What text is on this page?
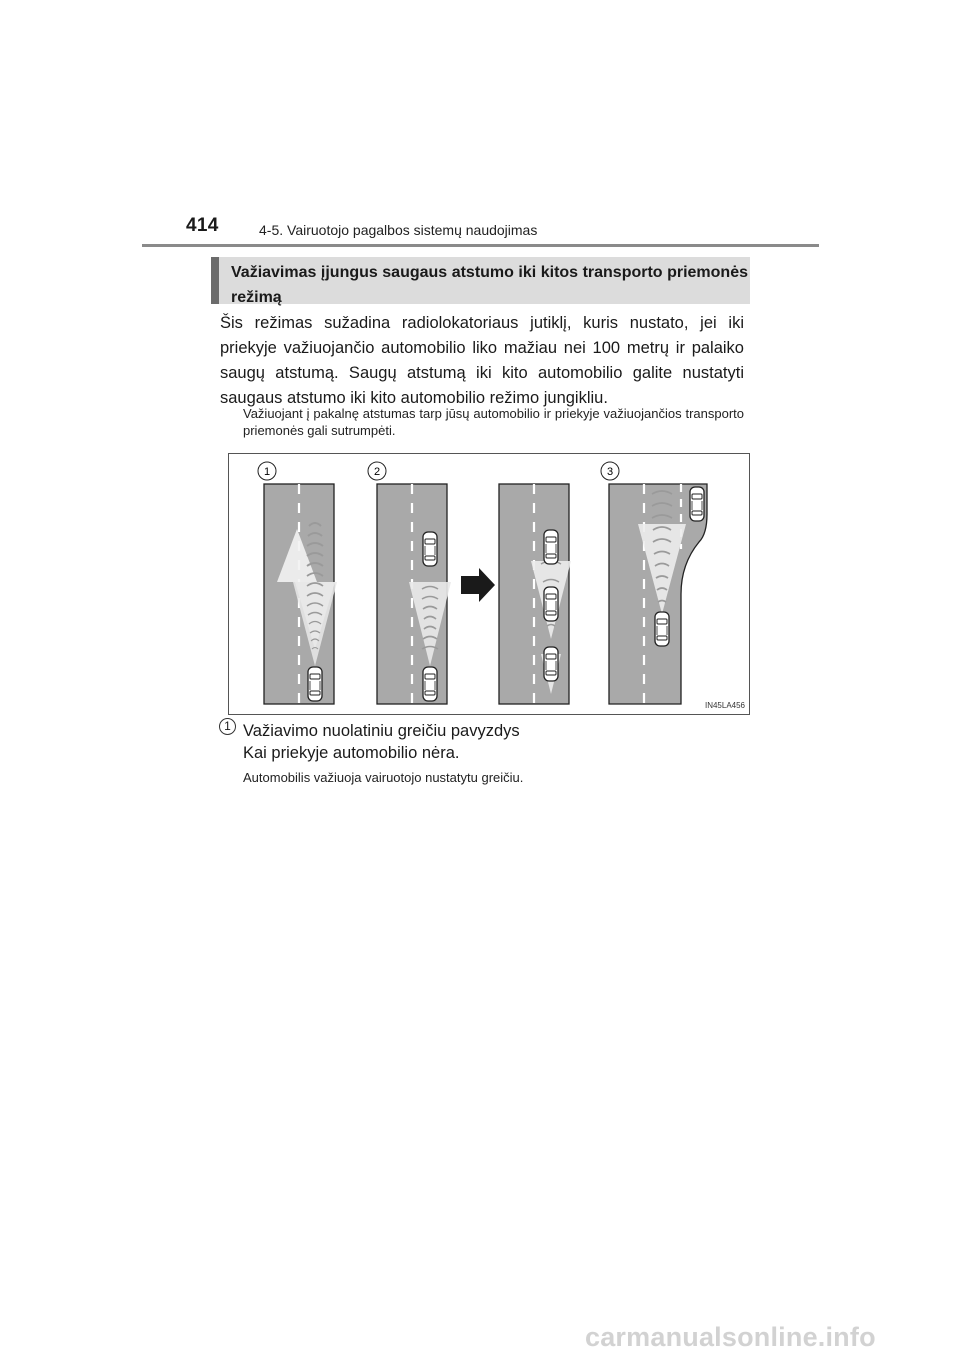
414	4-5. Vairuotojo pagalbos sistemų naudojimas
Važiavimas įjungus saugaus atstumo iki kitos transporto priemonės režimą
Šis režimas sužadina radiolokatoriaus jutiklį, kuris nustato, jei iki priekyje važiuojančio automobilio liko mažiau nei 100 metrų ir palaiko saugų atstumą. Saugų atstumą iki kito automobilio galite nustatyti saugaus atstumo iki kito automobilio režimo jungikliu.
Važiuojant į pakalnę atstumas tarp jūsų automobilio ir priekyje važiuojančios transporto priemonės gali sutrumpėti.
1	2	3
IN45LA456
1 Važiavimo nuolatiniu greičiu pavyzdys
Kai priekyje automobilio nėra.
Automobilis važiuoja vairuotojo nustatytu greičiu.
carmanualsonline.info
